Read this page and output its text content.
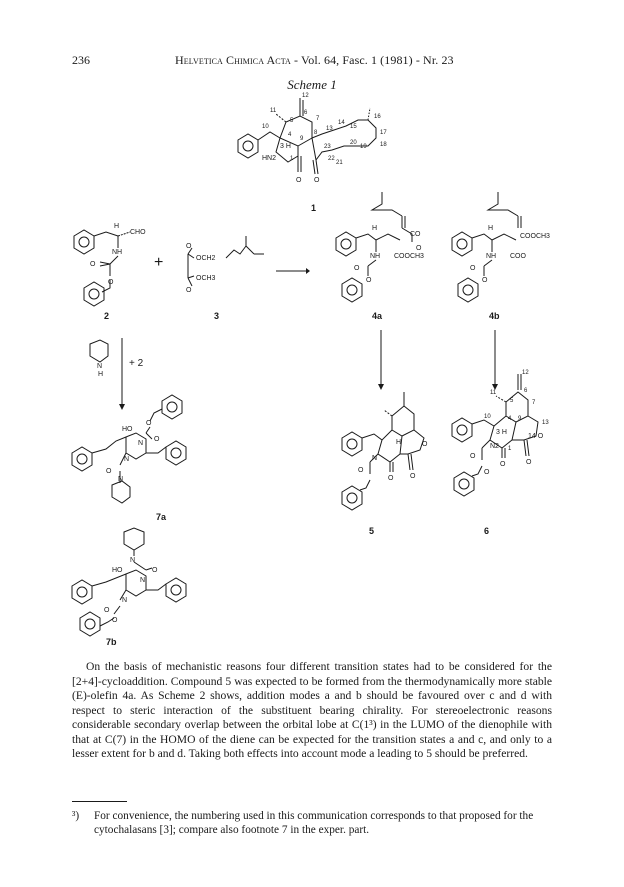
236	Helvetica Chimica Acta - Vol. 64, Fasc. 1 (1981) - Nr. 23
Scheme 1
12
11
5
6
7
10
4
9
8
13
14
15
16
17
18
19
20
23
22
21
3 H
HN2 1
O O
1
H
CHO
NH
O
O
2
+
O
OCH2
OCH3
O
3
H
CO
O
NH COOCH3
O
O
4a
H
COOCH3
NH COO
O
O
4b
N
H
+ 2
HO
O
O
N
N
O
N
7a
N
O
HO
N
N
O
O
7b
H
N
O
O O
O
5
12
11
5
6
7
10	4 9
13
3 H
N2 1
14 O
O	O
O
O
6

On the basis of mechanistic reasons four different transition states had to be considered for the [2+4]-cycloaddition. Compound 5 was expected to be formed from the thermodynamically more stable (E)-olefin 4a. As Scheme 2 shows, addition modes a and b should be favoured over c and d with respect to steric interaction of the substituent bearing chirality. For stereoelectronic reasons considerable secondary overlap between the orbital lobe at C(1³) in the LUMO of the dienophile with that at C(7) in the HOMO of the diene can be expected for the transition states a and c, and only to a lesser extent for b and d. Taking both effects into account mode a leading to 5 should be preferred.

³) For convenience, the numbering used in this communication corresponds to that proposed for the cytochalasans [3]; compare also footnote 7 in the exper. part.
